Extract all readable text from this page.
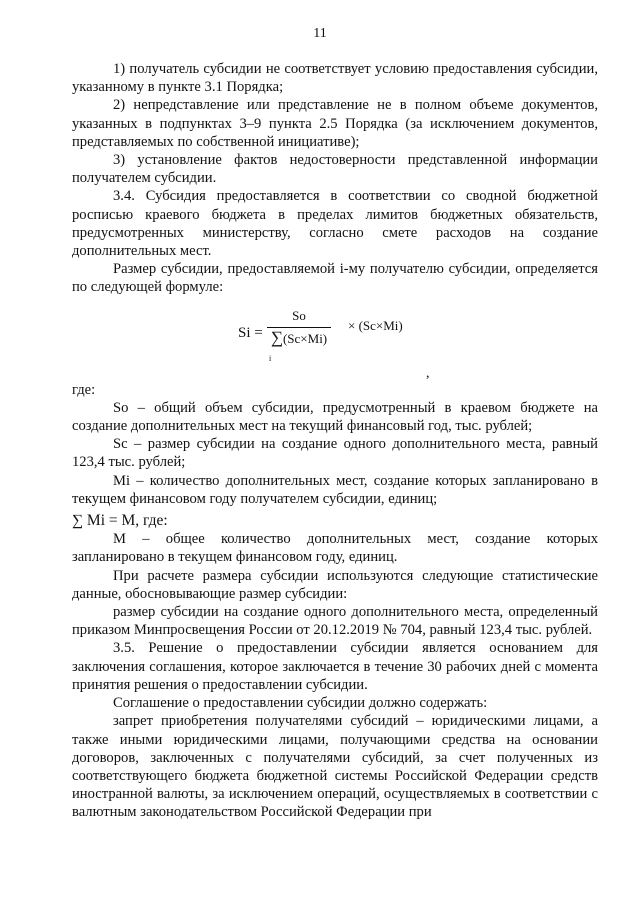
11

1) получатель субсидии не соответствует условию предоставления субсидии, указанному в пункте 3.1 Порядка;

2) непредставление или представление не в полном объеме документов, указанных в подпунктах 3–9 пункта 2.5 Порядка (за исключением документов, представляемых по собственной инициативе);

3) установление фактов недостоверности представленной информации получателем субсидии.

3.4. Субсидия предоставляется в соответствии со сводной бюджетной росписью краевого бюджета в пределах лимитов бюджетных обязательств, предусмотренных министерству, согласно смете расходов на создание дополнительных мест.

Размер субсидии, предоставляемой i-му получателю субсидии, определяется по следующей формуле:

$Si = \frac{So}{\sum(Sc\times Mi)}$
i
× (Sc×Mi)
,

где:

So – общий объем субсидии, предусмотренный в краевом бюджете на создание дополнительных мест на текущий финансовый год, тыс. рублей;

Sc – размер субсидии на создание одного дополнительного места, равный 123,4 тыс. рублей;

Mi – количество дополнительных мест, создание которых запланировано в текущем финансовом году получателем субсидии, единиц;

∑ Mi = M, где:

М – общее количество дополнительных мест, создание которых запланировано в текущем финансовом году, единиц.

При расчете размера субсидии используются следующие статистические данные, обосновывающие размер субсидии:

размер субсидии на создание одного дополнительного места, определенный приказом Минпросвещения России от 20.12.2019 № 704, равный 123,4 тыс. рублей.

3.5. Решение о предоставлении субсидии является основанием для заключения соглашения, которое заключается в течение 30 рабочих дней с момента принятия решения о предоставлении субсидии.

Соглашение о предоставлении субсидии должно содержать:

запрет приобретения получателями субсидий – юридическими лицами, а также иными юридическими лицами, получающими средства на основании договоров, заключенных с получателями субсидий, за счет полученных из соответствующего бюджета бюджетной системы Российской Федерации средств иностранной валюты, за исключением операций, осуществляемых в соответствии с валютным законодательством Российской Федерации при
